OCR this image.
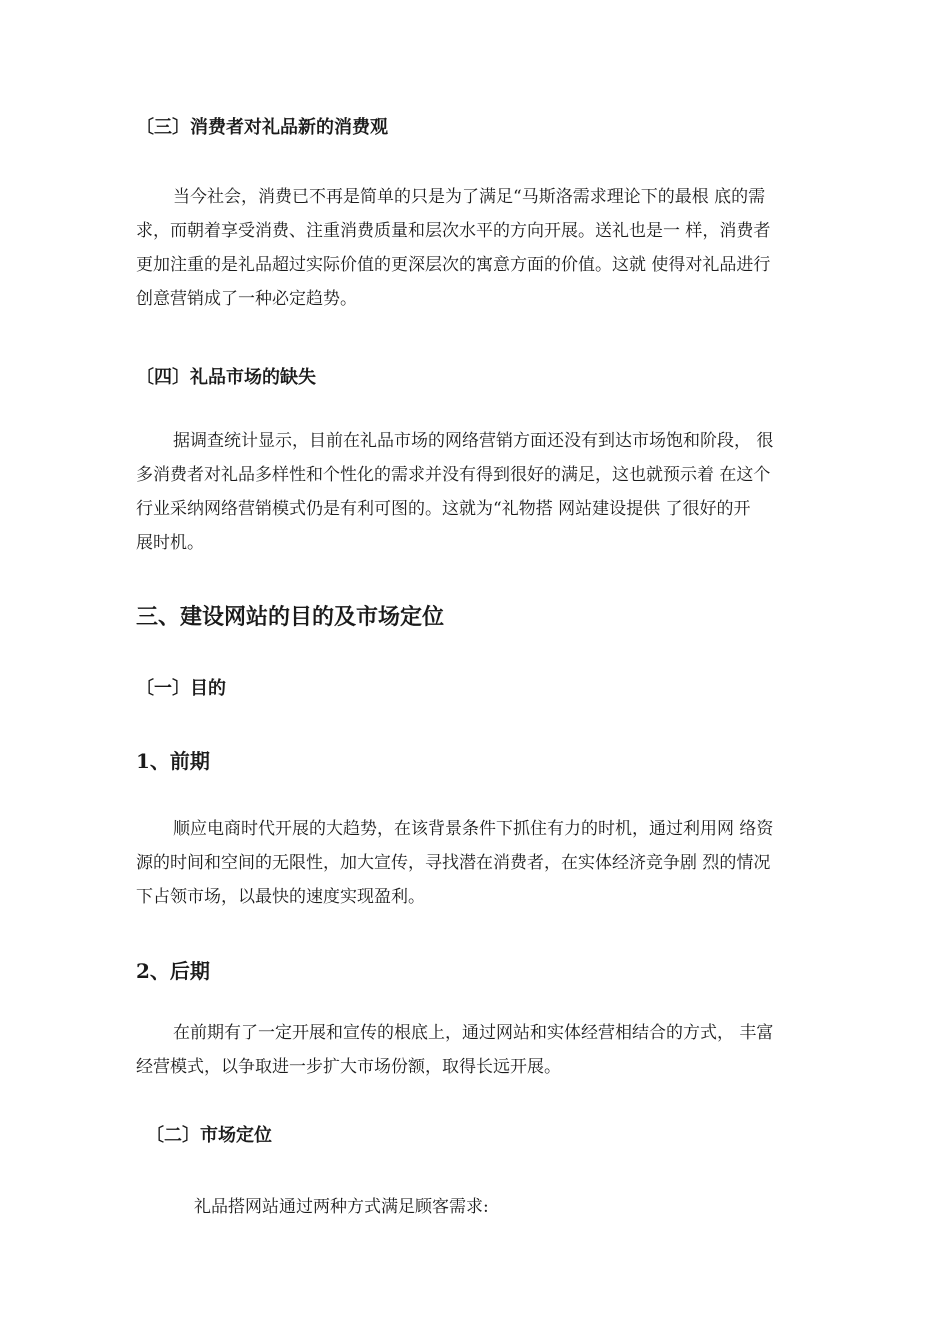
〔三〕消费者对礼品新的消费观

当今社会，消费已不再是简单的只是为了满足“马斯洛需求理论下的最根 底的需
求，而朝着享受消费、注重消费质量和层次水平的方向开展。送礼也是一 样，消费者
更加注重的是礼品超过实际价值的更深层次的寓意方面的价值。这就 使得对礼品进行
创意营销成了一种必定趋势。

〔四〕礼品市场的缺失

据调查统计显示，目前在礼品市场的网络营销方面还没有到达市场饱和阶段， 很
多消费者对礼品多样性和个性化的需求并没有得到很好的满足，这也就预示着 在这个
行业采纳网络营销模式仍是有利可图的。这就为“礼物搭 网站建设提供 了很好的开
展时机。

三、建设网站的目的及市场定位
〔一〕目的
1、前期

顺应电商时代开展的大趋势，在该背景条件下抓住有力的时机，通过利用网 络资
源的时间和空间的无限性，加大宣传，寻找潜在消费者，在实体经济竞争剧 烈的情况
下占领市场，以最快的速度实现盈利。

2、后期

在前期有了一定开展和宣传的根底上，通过网站和实体经营相结合的方式， 丰富
经营模式，以争取进一步扩大市场份额，取得长远开展。

〔二〕市场定位

礼品搭网站通过两种方式满足顾客需求:
